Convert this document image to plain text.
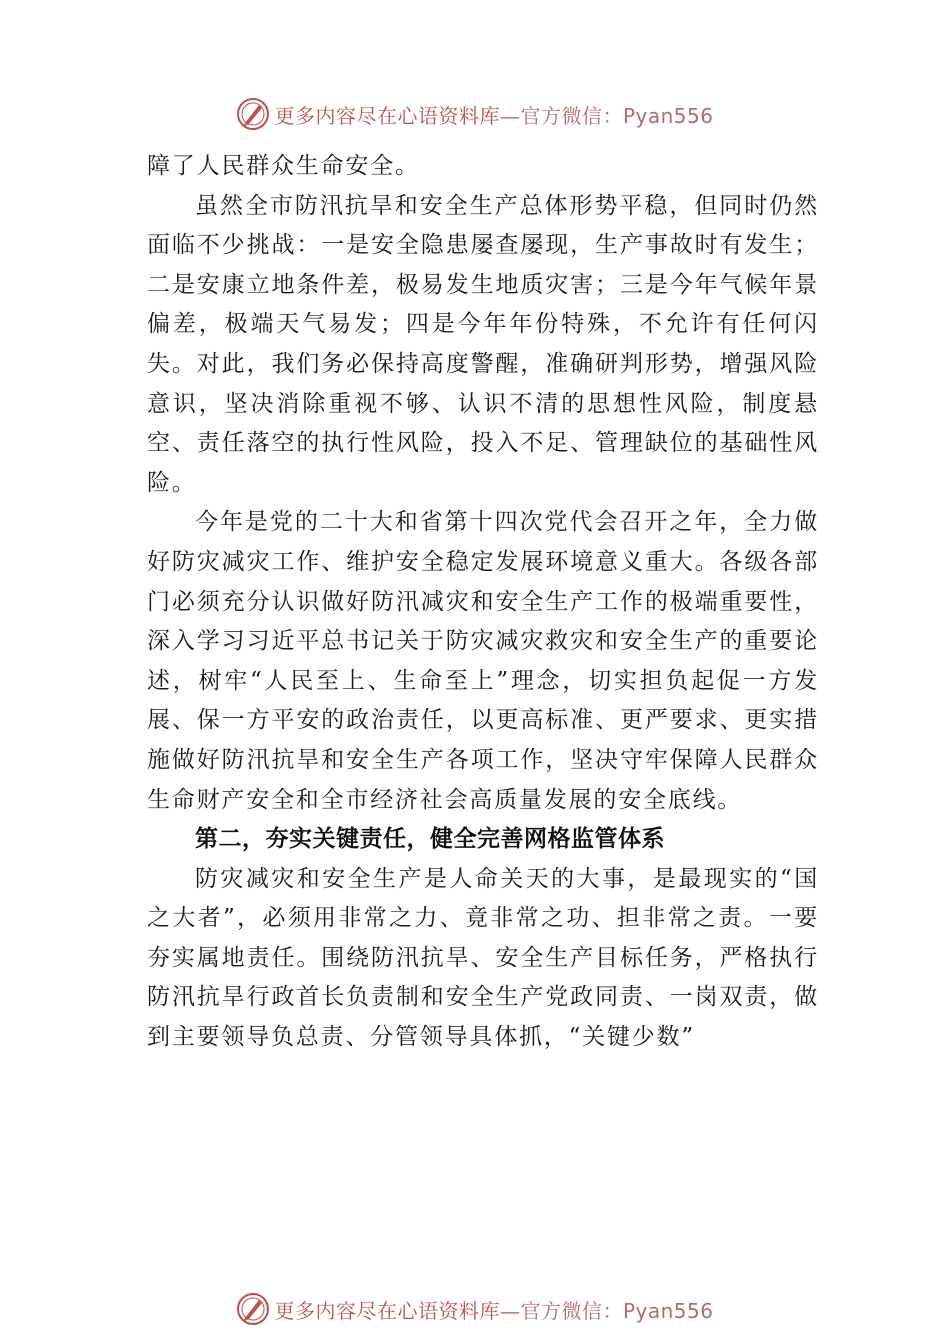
更多内容尽在心语资料库—官方微信：Pyan556

障了人民群众生命安全。

虽然全市防汛抗旱和安全生产总体形势平稳，但同时仍然面临不少挑战：一是安全隐患屡查屡现，生产事故时有发生；二是安康立地条件差，极易发生地质灾害；三是今年气候年景偏差，极端天气易发；四是今年年份特殊，不允许有任何闪失。对此，我们务必保持高度警醒，准确研判形势，增强风险意识，坚决消除重视不够、认识不清的思想性风险，制度悬空、责任落空的执行性风险，投入不足、管理缺位的基础性风险。

今年是党的二十大和省第十四次党代会召开之年，全力做好防灾减灾工作、维护安全稳定发展环境意义重大。各级各部门必须充分认识做好防汛减灾和安全生产工作的极端重要性，深入学习习近平总书记关于防灾减灾救灾和安全生产的重要论述，树牢“人民至上、生命至上”理念，切实担负起促一方发展、保一方平安的政治责任，以更高标准、更严要求、更实措施做好防汛抗旱和安全生产各项工作，坚决守牢保障人民群众生命财产安全和全市经济社会高质量发展的安全底线。

第二，夯实关键责任，健全完善网格监管体系

防灾减灾和安全生产是人命关天的大事，是最现实的“国之大者”，必须用非常之力、竟非常之功、担非常之责。一要夯实属地责任。围绕防汛抗旱、安全生产目标任务，严格执行防汛抗旱行政首长负责制和安全生产党政同责、一岗双责，做到主要领导负总责、分管领导具体抓，“关键少数”

更多内容尽在心语资料库—官方微信：Pyan556
